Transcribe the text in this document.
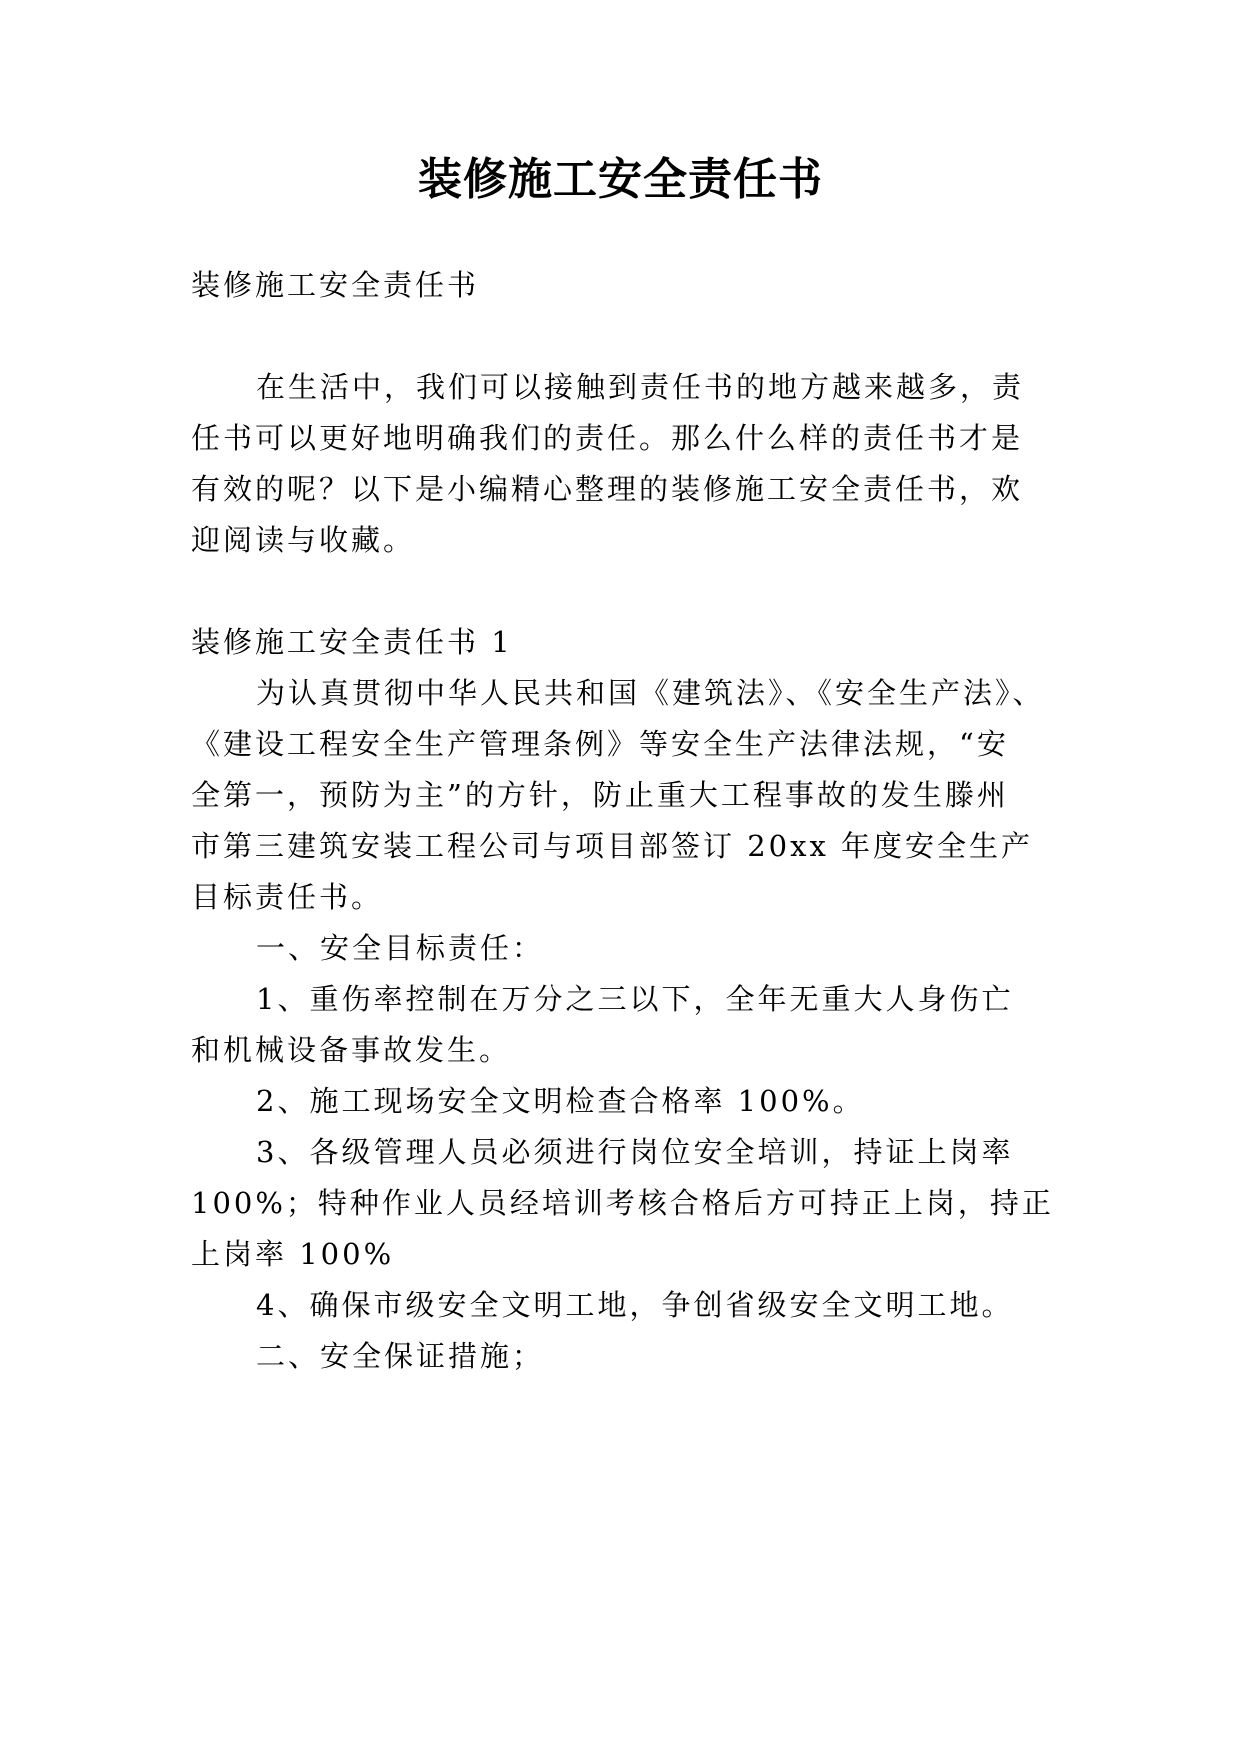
装修施工安全责任书
装修施工安全责任书
在生活中，我们可以接触到责任书的地方越来越多，责
任书可以更好地明确我们的责任。那么什么样的责任书才是
有效的呢？以下是小编精心整理的装修施工安全责任书，欢
迎阅读与收藏。
装修施工安全责任书 1
为认真贯彻中华人民共和国《建筑法》、《安全生产法》、
《建设工程安全生产管理条例》等安全生产法律法规，“安
全第一，预防为主”的方针，防止重大工程事故的发生滕州
市第三建筑安装工程公司与项目部签订 20xx 年度安全生产
目标责任书。
一、安全目标责任：
1、重伤率控制在万分之三以下，全年无重大人身伤亡
和机械设备事故发生。
2、施工现场安全文明检查合格率 100%。
3、各级管理人员必须进行岗位安全培训，持证上岗率
100%；特种作业人员经培训考核合格后方可持正上岗，持正
上岗率 100%
4、确保市级安全文明工地，争创省级安全文明工地。
二、安全保证措施；
